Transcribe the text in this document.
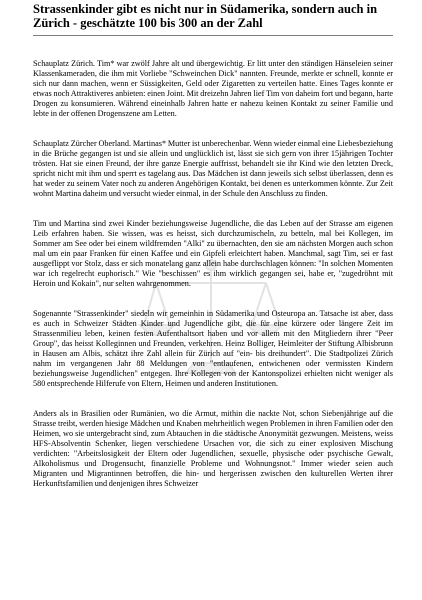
Strassenkinder gibt es nicht nur in Südamerika, sondern auch in Zürich - geschätzte 100 bis 300 an der Zahl

Schauplatz Zürich. Tim* war zwölf Jahre alt und übergewichtig. Er litt unter den ständigen Hänseleien seiner Klassenkameraden, die ihm mit Vorliebe "Schweinchen Dick" nannten. Freunde, merkte er schnell, konnte er sich nur dann machen, wenn er Süssigkeiten, Geld oder Zigaretten zu verteilen hatte. Eines Tages konnte er etwas noch Attraktiveres anbieten: einen Joint. Mit dreizehn Jahren lief Tim von daheim fort und begann, harte Drogen zu konsumieren. Während eineinhalb Jahren hatte er nahezu keinen Kontakt zu seiner Familie und lebte in der offenen Drogenszene am Letten.

Schauplatz Zürcher Oberland. Martinas* Mutter ist unberechenbar. Wenn wieder einmal eine Liebesbeziehung in die Brüche gegangen ist und sie allein und unglücklich ist, lässt sie sich gern von ihrer 15jährigen Tochter trösten. Hat sie einen Freund, der ihre ganze Energie auffrisst, behandelt sie ihr Kind wie den letzten Dreck, spricht nicht mit ihm und sperrt es tagelang aus. Das Mädchen ist dann jeweils sich selbst überlassen, denn es hat weder zu seinem Vater noch zu anderen Angehörigen Kontakt, bei denen es unterkommen könnte. Zur Zeit wohnt Martina daheim und versucht wieder einmal, in der Schule den Anschluss zu finden.

Tim und Martina sind zwei Kinder beziehungsweise Jugendliche, die das Leben auf der Strasse am eigenen Leib erfahren haben. Sie wissen, was es heisst, sich durchzumischeln, zu betteln, mal bei Kollegen, im Sommer am See oder bei einem wildfremden "Alki" zu übernachten, den sie am nächsten Morgen auch schon mal um ein paar Franken für einen Kaffee und ein Gipfeli erleichtert haben. Manchmal, sagt Tim, sei er fast ausgeflippt vor Stolz, dass er sich monatelang ganz allein habe durchschlagen können: "In solchen Momenten war ich regelrecht euphorisch." Wie "beschissen" es ihm wirklich gegangen sei, habe er, "zugedröhnt mit Heroin und Kokain", nur selten wahrgenommen.

Sogenannte "Strassenkinder" siedeln wir gemeinhin in Südamerika und Osteuropa an. Tatsache ist aber, dass es auch in Schweizer Städten Kinder und Jugendliche gibt, die für eine kürzere oder längere Zeit im Strassenmilieu leben, keinen festen Aufenthaltsort haben und vor allem mit den Mitgliedern ihrer "Peer Group", das heisst Kolleginnen und Freunden, verkehren. Heinz Bolliger, Heimleiter der Stiftung Albisbrunn in Hausen am Albis, schätzt ihre Zahl allein für Zürich auf "ein- bis dreihundert". Die Stadtpolizei Zürich nahm im vergangenen Jahr 88 Meldungen von "entlaufenen, entwichenen oder vermissten Kindern beziehungsweise Jugendlichen" entgegen. Ihre Kollegen von der Kantonspolizei erhielten nicht weniger als 580 entsprechende Hilferufe von Eltern, Heimen und anderen Institutionen.

Anders als in Brasilien oder Rumänien, wo die Armut, mithin die nackte Not, schon Siebenjährige auf die Strasse treibt, werden hiesige Mädchen und Knaben mehrheitlich wegen Problemen in ihren Familien oder den Heimen, wo sie untergebracht sind, zum Abtauchen in die städtische Anonymität gezwungen. Meistens, weiss HFS-Absolventin Schenker, liegen verschiedene Ursachen vor, die sich zu einer explosiven Mischung verdichten: "Arbeitslosigkeit der Eltern oder Jugendlichen, sexuelle, physische oder psychische Gewalt, Alkoholismus und Drogensucht, finanzielle Probleme und Wohnungsnot." Immer wieder seien auch Migranten und Migrantinnen betroffen, die hin- und hergerissen zwischen den kulturellen Werten ihrer Herkunftsfamilien und denjenigen ihres Schweizer
